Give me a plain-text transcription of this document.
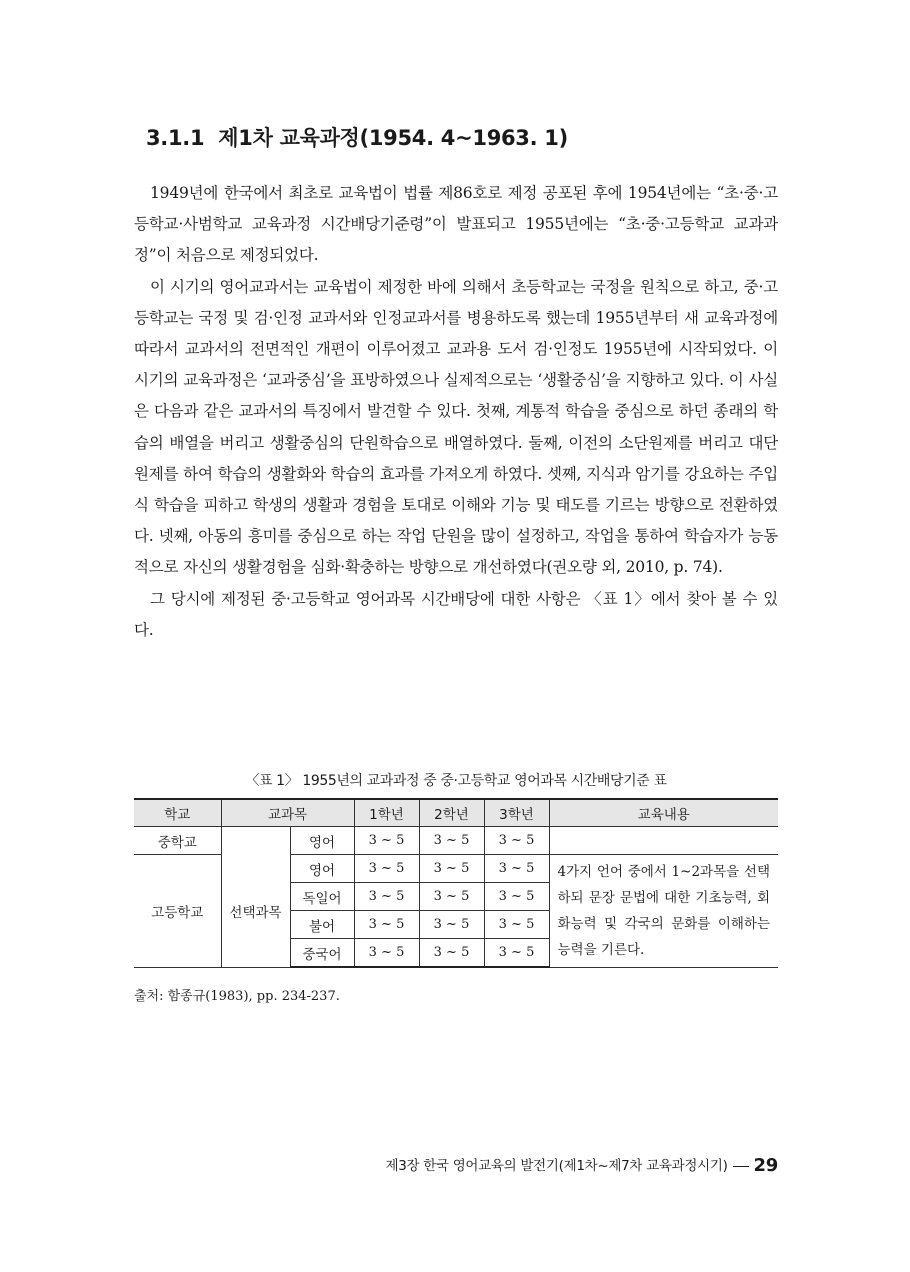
3.1.1 제1차 교육과정(1954. 4~1963. 1)

1949년에 한국에서 최초로 교육법이 법률 제86호로 제정 공포된 후에 1954년에는 “초·중·고등학교·사범학교 교육과정 시간배당기준령”이 발표되고 1955년에는 “초·중·고등학교 교과과정”이 처음으로 제정되었다.

이 시기의 영어교과서는 교육법이 제정한 바에 의해서 초등학교는 국정을 원칙으로 하고, 중·고등학교는 국정 및 검·인정 교과서와 인정교과서를 병용하도록 했는데 1955년부터 새 교육과정에 따라서 교과서의 전면적인 개편이 이루어졌고 교과용 도서 검·인정도 1955년에 시작되었다. 이 시기의 교육과정은 ‘교과중심’을 표방하였으나 실제적으로는 ‘생활중심’을 지향하고 있다. 이 사실은 다음과 같은 교과서의 특징에서 발견할 수 있다. 첫째, 계통적 학습을 중심으로 하던 종래의 학습의 배열을 버리고 생활중심의 단원학습으로 배열하였다. 둘째, 이전의 소단원제를 버리고 대단원제를 하여 학습의 생활화와 학습의 효과를 가져오게 하였다. 셋째, 지식과 암기를 강요하는 주입식 학습을 피하고 학생의 생활과 경험을 토대로 이해와 기능 및 태도를 기르는 방향으로 전환하였다. 넷째, 아동의 흥미를 중심으로 하는 작업 단원을 많이 설정하고, 작업을 통하여 학습자가 능동적으로 자신의 생활경험을 심화·확충하는 방향으로 개선하였다(권오량 외, 2010, p. 74).

그 당시에 제정된 중·고등학교 영어과목 시간배당에 대한 사항은 〈표 1〉에서 찾아 볼 수 있다.

〈표 1〉 1955년의 교과과정 중 중·고등학교 영어과목 시간배당기준 표
학교	교과목		1학년	2학년	3학년	교육내용
중학교		영어	3 ~ 5	3 ~ 5	3 ~ 5	
고등학교	선택과목	영어	3 ~ 5	3 ~ 5	3 ~ 5	4가지 언어 중에서 1~2과목을 선택하되 문장 문법에 대한 기초능력, 회화능력 및 각국의 문화를 이해하는 능력을 기른다.
		독일어	3 ~ 5	3 ~ 5	3 ~ 5	
		불어	3 ~ 5	3 ~ 5	3 ~ 5	
		중국어	3 ~ 5	3 ~ 5	3 ~ 5	
출처: 함종규(1983), pp. 234-237.
제3장 한국 영어교육의 발전기(제1차~제7차 교육과정시기) 29
